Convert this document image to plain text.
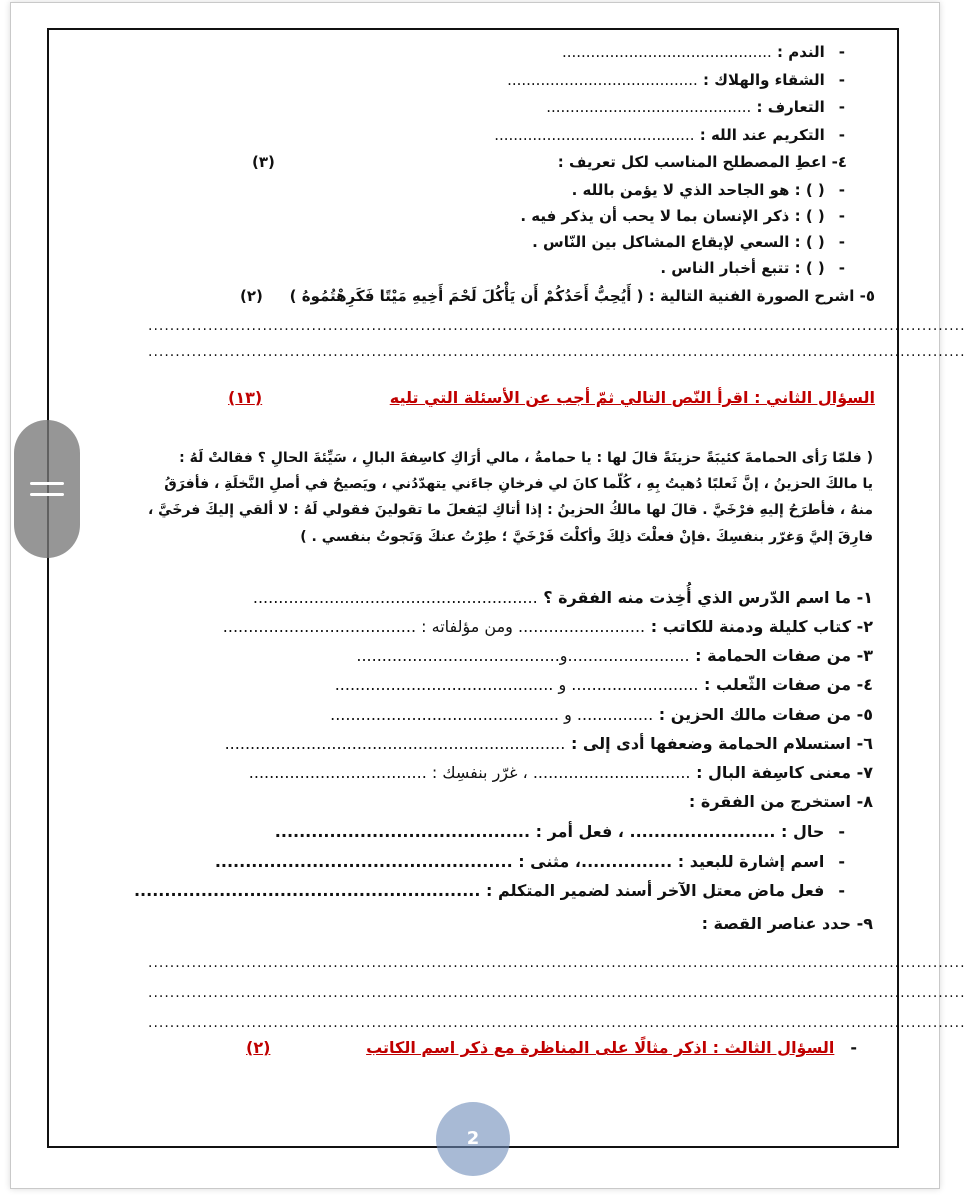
-الندم : ............................................
-الشقاء والهلاك : ........................................
-التعارف : ...........................................
-التكريم عند الله : ..........................................
٤- اعطِ المصطلح المناسب لكل تعريف :
(٣)
-( ) : هو الجاحد الذي لا يؤمن بالله .
-( ) : ذكر الإنسان بما لا يحب أن يذكر فيه .
-( ) : السعي لإيقاع المشاكل بين النّاس .
-( ) : تتبع أخبار الناس .
٥- اشرح الصورة الفنية التالية : ( أَيُحِبُّ أَحَدُكُمْ أَن يَأْكُلَ لَحْمَ أَخِيهِ مَيْتًا فَكَرِهْتُمُوهُ )
(٢)
......................................................................................................................................................
......................................................................................................................................................
السؤال الثاني : اقرأ النّص التالي ثمّ أجب عن الأسئلة التي تليه
(١٣)
( فلمّا رَأى الحمامةَ كئيبَةً حزينَةً قالَ لها : يا حمامةُ ، مالي أرَاكِ كاسِفةَ البالِ ، سَيِّئةَ الحالِ ؟ فقالتْ لَهُ :
يا مالكَ الحزينُ ، إنَّ ثَعلبًا دُهيتُ بِهِ ، كُلّما كانَ لي فرخانِ جاءَني يتهدّدُني ، ويَصيحُ في أصلِ النَّخلَةِ ، فأفرَقُ
منهُ ، فأطرَحُ إليهِ فرْخَيَّ . قالَ لها مالكُ الحزينُ : إذا أتاكِ ليَفعلَ ما تقولينَ فقولي لَهُ : لا ألقي إليكَ فرخَيَّ ،
فارِقَ إليَّ وَغرّر بنفسِكَ .فإنْ فعلْتَ ذلِكَ وأكلْتَ فَرْخَيَّ ؛ طِرْتُ عنكَ وَنَجوتُ بنفسي . )
١- ما اسم الدّرس الذي أُخِذت منه الفقرة ؟ ........................................................
٢- كتاب كليلة ودمنة للكاتب : ......................... ومن مؤلفاته : ......................................
٣- من صفات الحمامة : ........................و........................................
٤- من صفات الثّعلب : ......................... و ...........................................
٥- من صفات مالك الحزين : ............... و .............................................
٦- استسلام الحمامة وضعفها أدى إلى : ...................................................................
٧- معنى كاسِفة البال : ............................... ، غرّر بنفسِك : ...................................
٨- استخرج من الفقرة :
-حال : ........................ ، فعل أمر : ..........................................
-اسم إشارة للبعيد : ...............، مثنى : .................................................
-فعل ماض معتل الآخر أسند لضمير المتكلم : .........................................................
٩- حدد عناصر القصة :
......................................................................................................................................................
......................................................................................................................................................
......................................................................................................................................................
-السؤال الثالث : اذكر مثالًا على المناظرة مع ذكر اسم الكاتب
(٢)
2
